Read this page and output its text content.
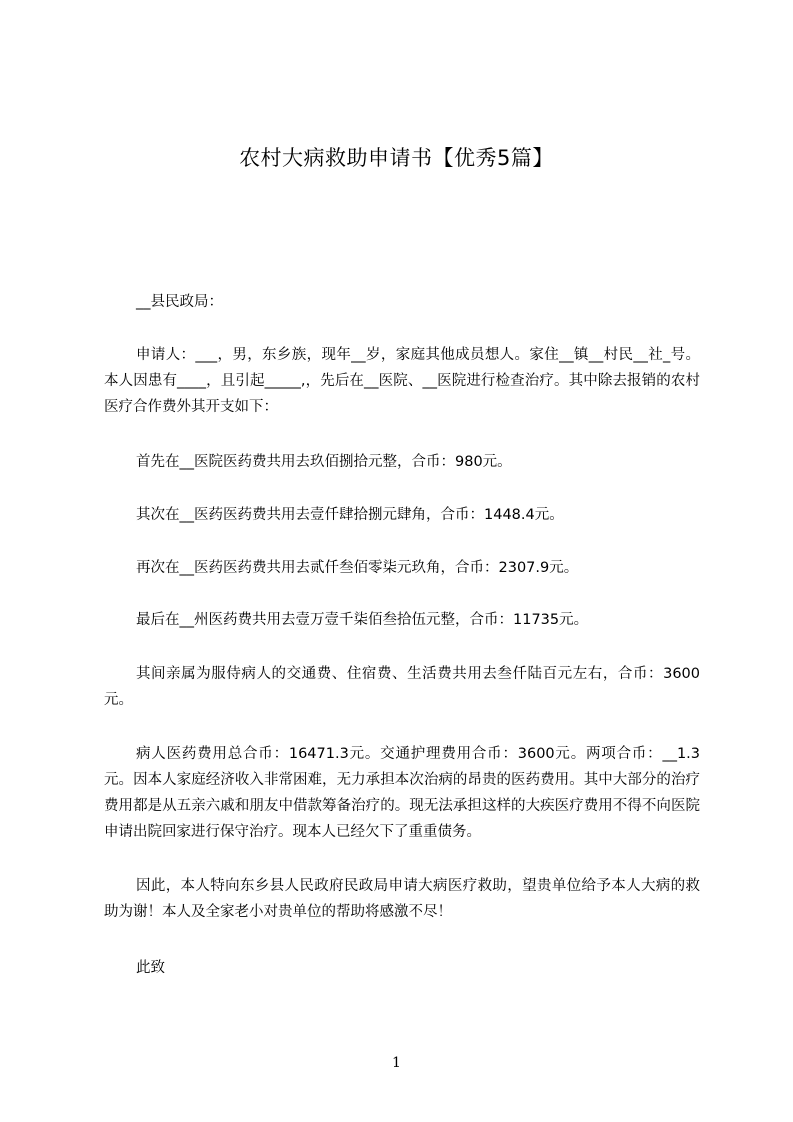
农村大病救助申请书【优秀5篇】

__县民政局：

申请人：___，男，东乡族，现年__岁，家庭其他成员想人。家住__镇__村民__社_号。本人因患有____，且引起_____,，先后在__医院、__医院进行检查治疗。其中除去报销的农村医疗合作费外其开支如下：

首先在__医院医药费共用去玖佰捌拾元整，合币：980元。

其次在__医药医药费共用去壹仟肆拾捌元肆角，合币：1448.4元。

再次在__医药医药费共用去贰仟叁佰零柒元玖角，合币：2307.9元。

最后在__州医药费共用去壹万壹千柒佰叁拾伍元整，合币：11735元。

其间亲属为服侍病人的交通费、住宿费、生活费共用去叁仟陆百元左右，合币：3600元。

病人医药费用总合币：16471.3元。交通护理费用合币：3600元。两项合币：__1.3元。因本人家庭经济收入非常困难，无力承担本次治病的昂贵的医药费用。其中大部分的治疗费用都是从五亲六戚和朋友中借款筹备治疗的。现无法承担这样的大疾医疗费用不得不向医院申请出院回家进行保守治疗。现本人已经欠下了重重债务。

因此，本人特向东乡县人民政府民政局申请大病医疗救助，望贵单位给予本人大病的救助为谢！本人及全家老小对贵单位的帮助将感激不尽！

此致

1
